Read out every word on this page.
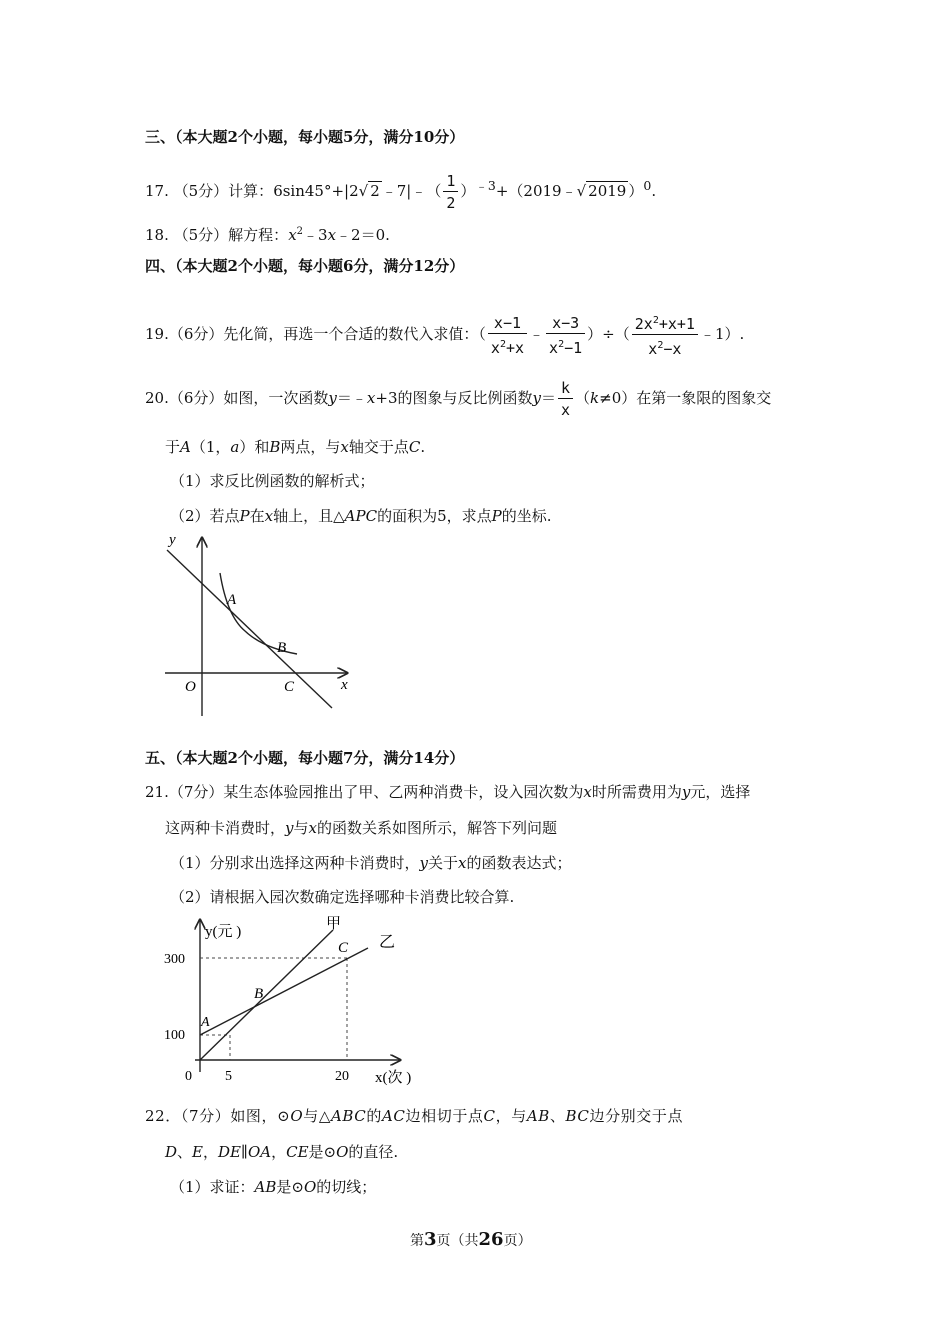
三、（本大题2个小题，每小题5分，满分10分）
17. （5分）计算：6sin45°+|2√ 2 ﹣7|﹣（ $\frac{1}{2}$ ）$^{﹣3}$+（2019﹣√ 2019 ）$^0$.
18. （5分）解方程：$x^2﹣3x﹣2=0$.
四、（本大题2个小题，每小题6分，满分12分）
19.（6分）先化简，再选一个合适的数代入求值：（ $\frac{x-1}{x^2+x}$ ﹣ $\frac{x-3}{x^2-1}$ ）÷（ $\frac{2x^2+x+1}{x^2-x}$ ﹣1）.
20.（6分）如图，一次函数y＝﹣x+3的图象与反比例函数$y= \frac{k}{x} (k\ne 0)$在第一象限的图象交
于A（1，a）和B两点，与x轴交于点C.
（1）求反比例函数的解析式；
（2）若点P在x轴上，且△APC的面积为5，求点P的坐标.
y
x
O
A
B
C
五、（本大题2个小题，每小题7分，满分14分）
21.（7分）某生态体验园推出了甲、乙两种消费卡，设入园次数为x时所需费用为y元，选择
这两种卡消费时，y与x的函数关系如图所示，解答下列问题
（1）分别求出选择这两种卡消费时，y关于x的函数表达式；
（2）请根据入园次数确定选择哪种卡消费比较合算.
y(元 )
x(次 )
甲
乙
C
B
A
300
100
0 5	20
22．（7分）如图，⊙O与△ABC的AC边相切于点C，与AB、BC边分别交于点
D、E，DE∥OA，CE是⊙O的直径.
（1）求证：AB是⊙O的切线；
第3页（共26页）
